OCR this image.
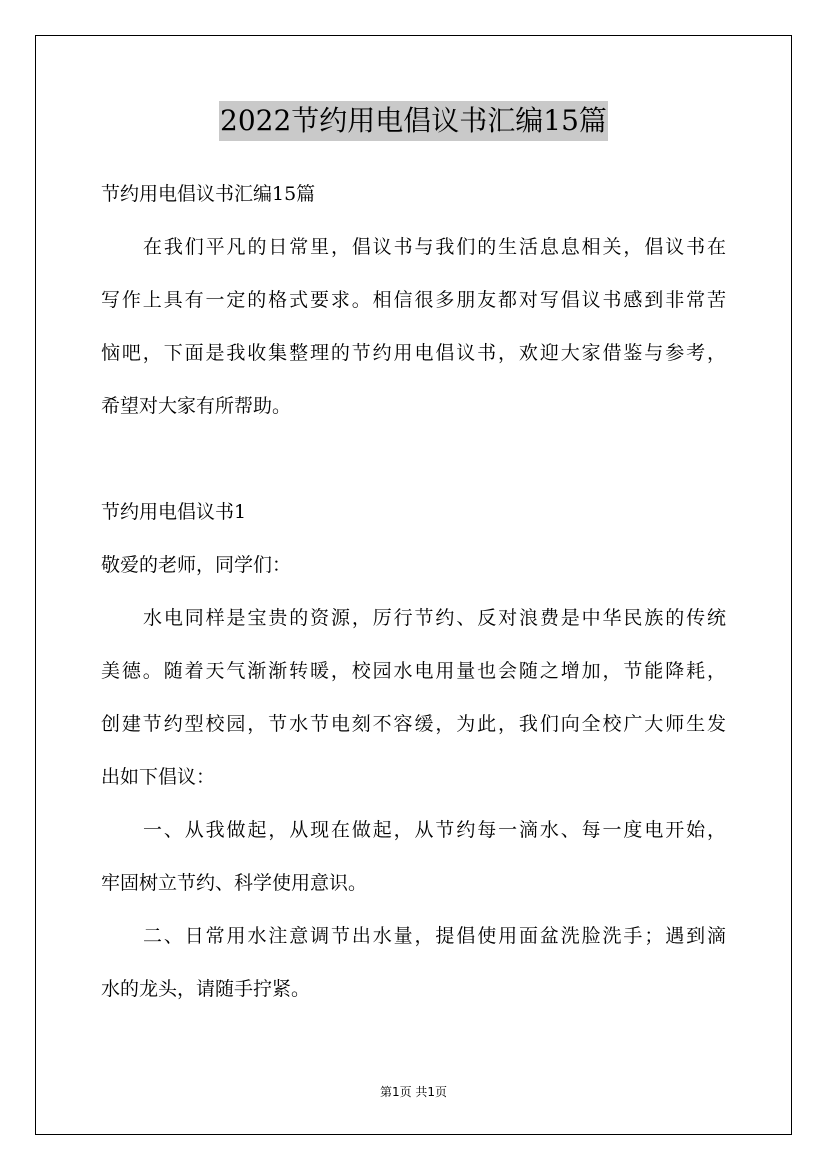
2022节约用电倡议书汇编15篇
节约用电倡议书汇编15篇
在我们平凡的日常里，倡议书与我们的生活息息相关，倡议书在
写作上具有一定的格式要求。相信很多朋友都对写倡议书感到非常苦
恼吧，下面是我收集整理的节约用电倡议书，欢迎大家借鉴与参考，
希望对大家有所帮助。
节约用电倡议书1
敬爱的老师，同学们：
水电同样是宝贵的资源，厉行节约、反对浪费是中华民族的传统
美德。随着天气渐渐转暖，校园水电用量也会随之增加，节能降耗，
创建节约型校园，节水节电刻不容缓，为此，我们向全校广大师生发
出如下倡议：
一、从我做起，从现在做起，从节约每一滴水、每一度电开始，
牢固树立节约、科学使用意识。
二、日常用水注意调节出水量，提倡使用面盆洗脸洗手；遇到滴
水的龙头，请随手拧紧。
第1页 共1页
